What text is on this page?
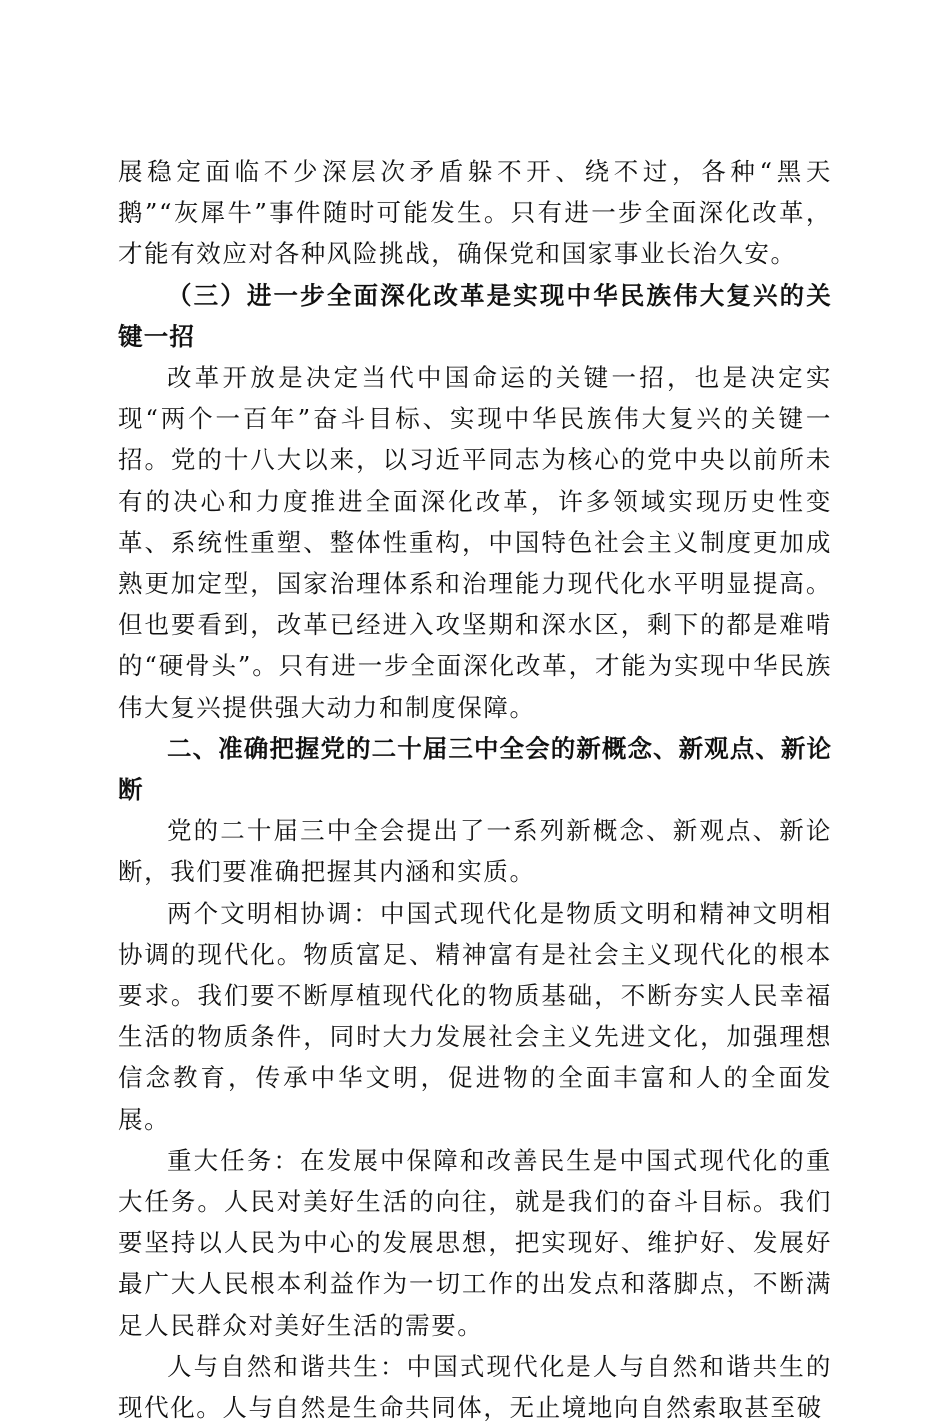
展稳定面临不少深层次矛盾躲不开、绕不过，各种“黑天鹅”“灰犀牛”事件随时可能发生。只有进一步全面深化改革，才能有效应对各种风险挑战，确保党和国家事业长治久安。

（三）进一步全面深化改革是实现中华民族伟大复兴的关键一招

改革开放是决定当代中国命运的关键一招，也是决定实现“两个一百年”奋斗目标、实现中华民族伟大复兴的关键一招。党的十八大以来，以习近平同志为核心的党中央以前所未有的决心和力度推进全面深化改革，许多领域实现历史性变革、系统性重塑、整体性重构，中国特色社会主义制度更加成熟更加定型，国家治理体系和治理能力现代化水平明显提高。但也要看到，改革已经进入攻坚期和深水区，剩下的都是难啃的“硬骨头”。只有进一步全面深化改革，才能为实现中华民族伟大复兴提供强大动力和制度保障。

二、准确把握党的二十届三中全会的新概念、新观点、新论断

党的二十届三中全会提出了一系列新概念、新观点、新论断，我们要准确把握其内涵和实质。

两个文明相协调：中国式现代化是物质文明和精神文明相协调的现代化。物质富足、精神富有是社会主义现代化的根本要求。我们要不断厚植现代化的物质基础，不断夯实人民幸福生活的物质条件，同时大力发展社会主义先进文化，加强理想信念教育，传承中华文明，促进物的全面丰富和人的全面发展。

重大任务：在发展中保障和改善民生是中国式现代化的重大任务。人民对美好生活的向往，就是我们的奋斗目标。我们要坚持以人民为中心的发展思想，把实现好、维护好、发展好最广大人民根本利益作为一切工作的出发点和落脚点，不断满足人民群众对美好生活的需要。

人与自然和谐共生：中国式现代化是人与自然和谐共生的现代化。人与自然是生命共同体，无止境地向自然索取甚至破
